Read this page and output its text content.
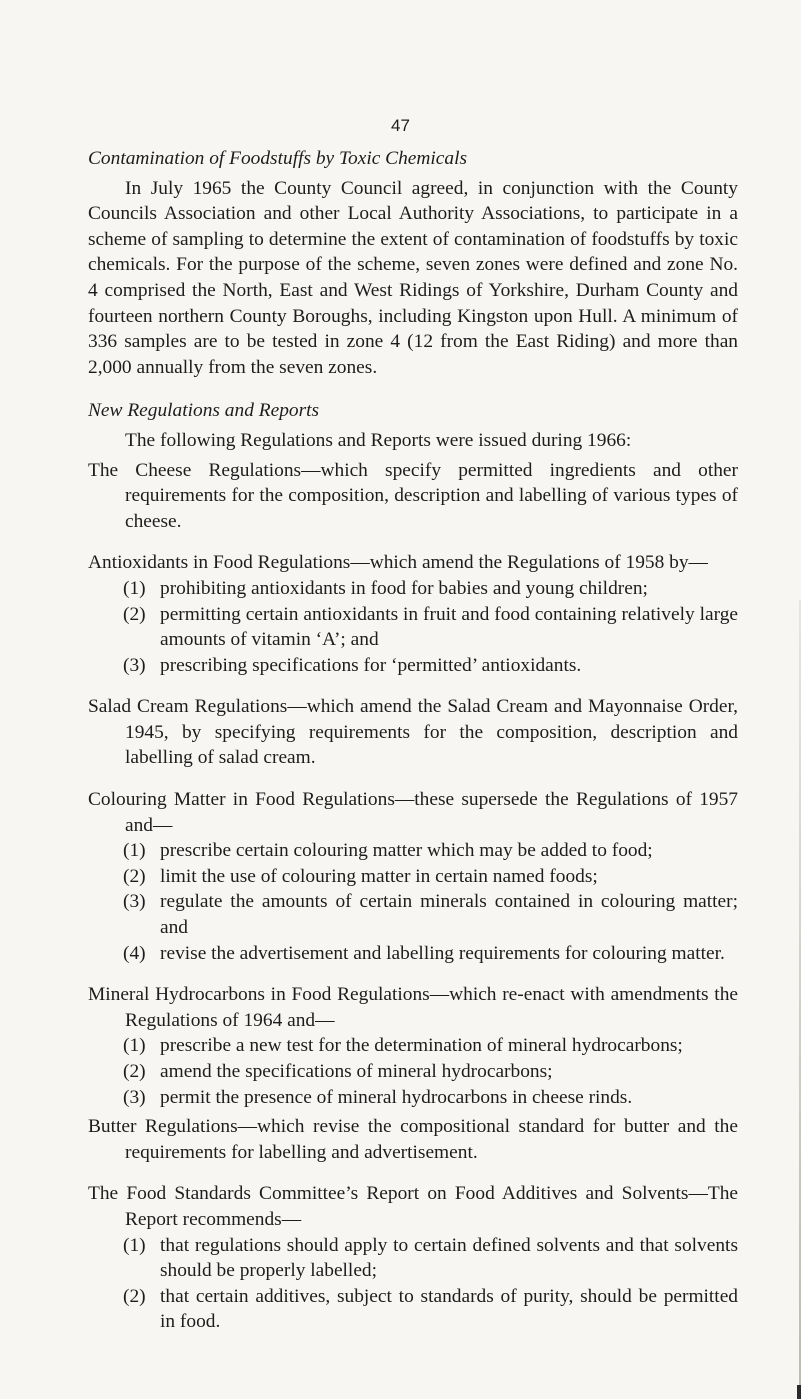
47
Contamination of Foodstuffs by Toxic Chemicals

In July 1965 the County Council agreed, in conjunction with the County Councils Association and other Local Authority Associations, to participate in a scheme of sampling to determine the extent of contamination of foodstuffs by toxic chemicals. For the purpose of the scheme, seven zones were defined and zone No. 4 comprised the North, East and West Ridings of Yorkshire, Durham County and fourteen northern County Boroughs, including Kingston upon Hull. A minimum of 336 samples are to be tested in zone 4 (12 from the East Riding) and more than 2,000 annually from the seven zones.

New Regulations and Reports

The following Regulations and Reports were issued during 1966:

The Cheese Regulations—which specify permitted ingredients and other requirements for the composition, description and labelling of various types of cheese.

Antioxidants in Food Regulations—which amend the Regulations of 1958 by—

(1) prohibiting antioxidants in food for babies and young children;
(2) permitting certain antioxidants in fruit and food containing relatively large amounts of vitamin ‘A’; and
(3) prescribing specifications for ‘permitted’ antioxidants.

Salad Cream Regulations—which amend the Salad Cream and Mayonnaise Order, 1945, by specifying requirements for the composition, description and labelling of salad cream.

Colouring Matter in Food Regulations—these supersede the Regulations of 1957 and—

(1) prescribe certain colouring matter which may be added to food;
(2) limit the use of colouring matter in certain named foods;
(3) regulate the amounts of certain minerals contained in colouring matter; and
(4) revise the advertisement and labelling requirements for colouring matter.

Mineral Hydrocarbons in Food Regulations—which re-enact with amendments the Regulations of 1964 and—

(1) prescribe a new test for the determination of mineral hydrocarbons;
(2) amend the specifications of mineral hydrocarbons;
(3) permit the presence of mineral hydrocarbons in cheese rinds.

Butter Regulations—which revise the compositional standard for butter and the requirements for labelling and advertisement.

The Food Standards Committee’s Report on Food Additives and Solvents—The Report recommends—

(1) that regulations should apply to certain defined solvents and that solvents should be properly labelled;
(2) that certain additives, subject to standards of purity, should be permitted in food.
